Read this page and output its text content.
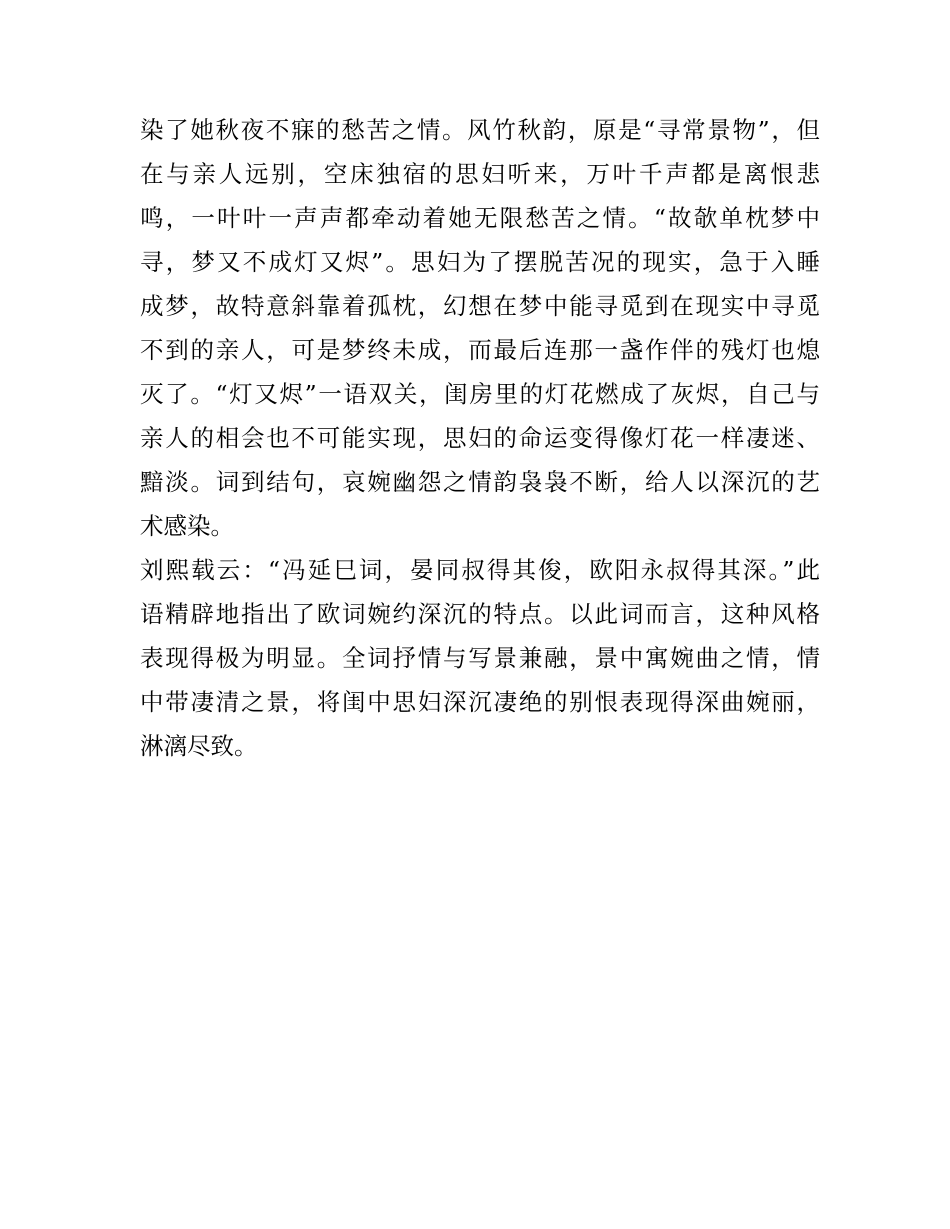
染了她秋夜不寐的愁苦之情。风竹秋韵，原是“寻常景物”，但
在与亲人远别，空床独宿的思妇听来，万叶千声都是离恨悲
鸣，一叶叶一声声都牵动着她无限愁苦之情。“故欹单枕梦中
寻，梦又不成灯又烬”。思妇为了摆脱苦况的现实，急于入睡
成梦，故特意斜靠着孤枕，幻想在梦中能寻觅到在现实中寻觅
不到的亲人，可是梦终未成，而最后连那一盏作伴的残灯也熄
灭了。“灯又烬”一语双关，闺房里的灯花燃成了灰烬，自己与
亲人的相会也不可能实现，思妇的命运变得像灯花一样凄迷、
黯淡。词到结句，哀婉幽怨之情韵袅袅不断，给人以深沉的艺
术感染。
刘熙载云：“冯延巳词，晏同叔得其俊，欧阳永叔得其深。”此
语精辟地指出了欧词婉约深沉的特点。以此词而言，这种风格
表现得极为明显。全词抒情与写景兼融，景中寓婉曲之情，情
中带凄清之景，将闺中思妇深沉凄绝的别恨表现得深曲婉丽，
淋漓尽致。
